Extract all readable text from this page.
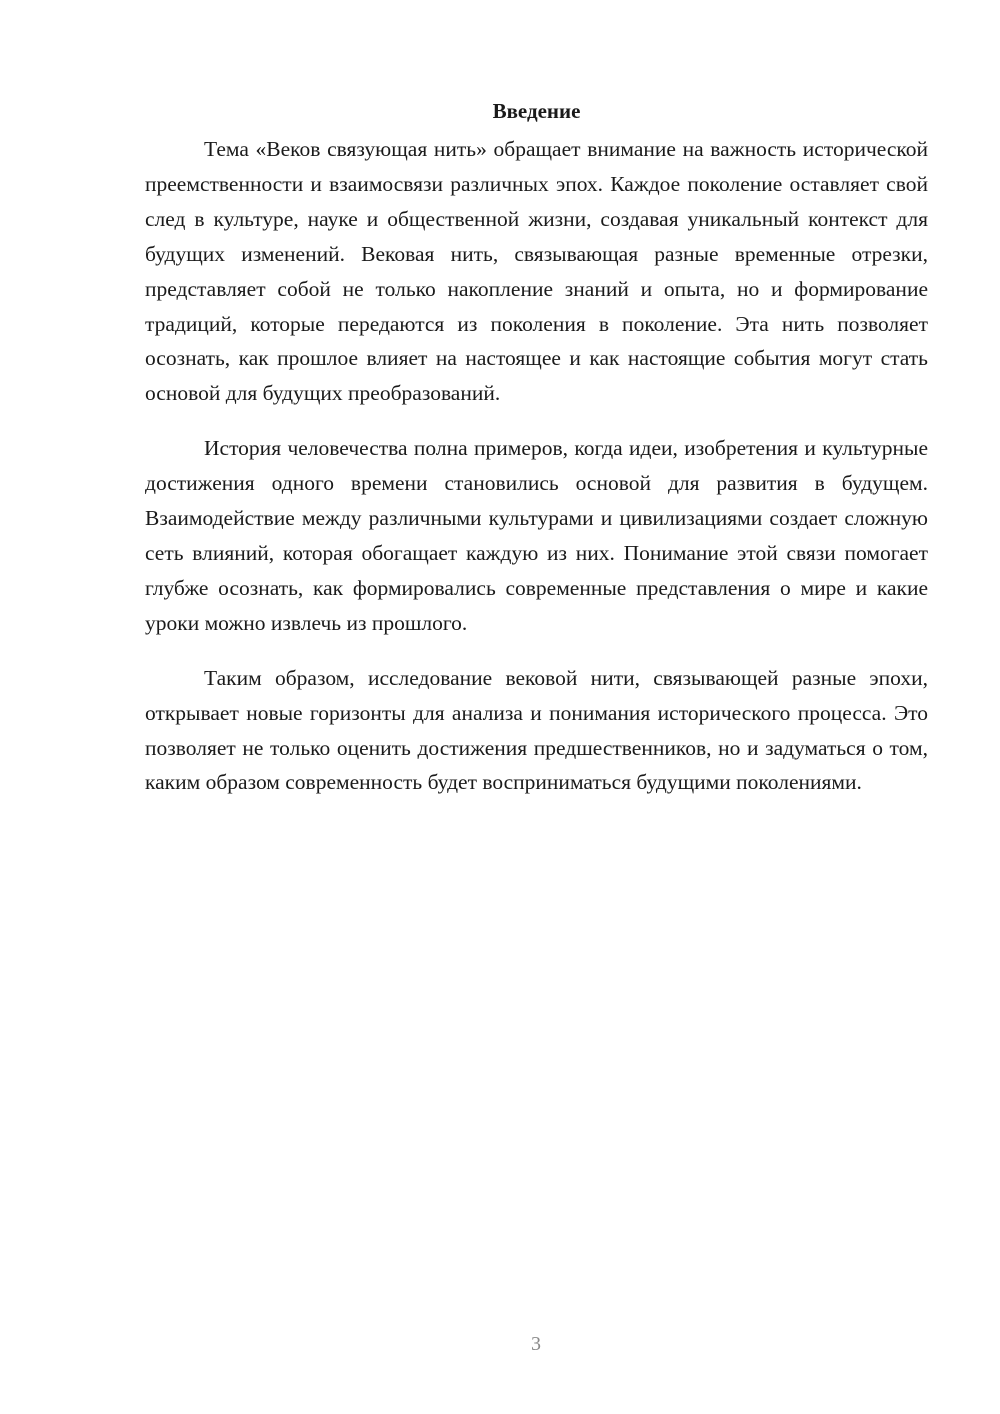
Введение

Тема «Веков связующая нить» обращает внимание на важность исторической преемственности и взаимосвязи различных эпох. Каждое поколение оставляет свой след в культуре, науке и общественной жизни, создавая уникальный контекст для будущих изменений. Вековая нить, связывающая разные временные отрезки, представляет собой не только накопление знаний и опыта, но и формирование традиций, которые передаются из поколения в поколение. Эта нить позволяет осознать, как прошлое влияет на настоящее и как настоящие события могут стать основой для будущих преобразований.

История человечества полна примеров, когда идеи, изобретения и культурные достижения одного времени становились основой для развития в будущем. Взаимодействие между различными культурами и цивилизациями создает сложную сеть влияний, которая обогащает каждую из них. Понимание этой связи помогает глубже осознать, как формировались современные представления о мире и какие уроки можно извлечь из прошлого.

Таким образом, исследование вековой нити, связывающей разные эпохи, открывает новые горизонты для анализа и понимания исторического процесса. Это позволяет не только оценить достижения предшественников, но и задуматься о том, каким образом современность будет восприниматься будущими поколениями.

3
